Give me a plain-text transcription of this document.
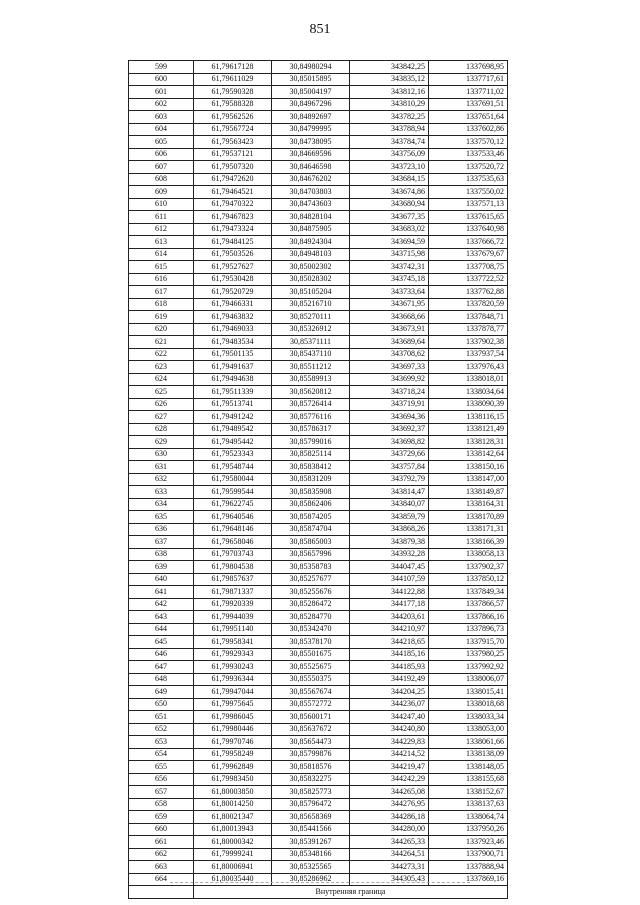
851
599	61,79617128	30,84980294	343842,25	1337698,95
600	61,79611029	30,85015895	343835,12	1337717,61
601	61,79590328	30,85004197	343812,16	1337711,02
602	61,79588328	30,84967296	343810,29	1337691,51
603	61,79562526	30,84892697	343782,25	1337651,64
604	61,79567724	30,84799995	343788,94	1337602,86
605	61,79563423	30,84738095	343784,74	1337570,12
606	61,79537121	30,84669596	343756,09	1337533,46
607	61,79507320	30,84646598	343723,10	1337520,72
608	61,79472620	30,84676202	343684,15	1337535,63
609	61,79464521	30,84703803	343674,86	1337550,02
610	61,79470322	30,84743603	343680,94	1337571,13
611	61,79467823	30,84828104	343677,35	1337615,65
612	61,79473324	30,84875905	343683,02	1337640,98
613	61,79484125	30,84924304	343694,59	1337666,72
614	61,79503526	30,84948103	343715,98	1337679,67
615	61,79527627	30,85002302	343742,31	1337708,75
616	61,79530428	30,85028302	343745,18	1337722,52
617	61,79520729	30,85105204	343733,64	1337762,88
618	61,79466331	30,85216710	343671,95	1337820,59
619	61,79463832	30,85270111	343668,66	1337848,71
620	61,79469033	30,85326912	343673,91	1337878,77
621	61,79483534	30,85371111	343689,64	1337902,38
622	61,79501135	30,85437110	343708,62	1337937,54
623	61,79491637	30,85511212	343697,33	1337976,43
624	61,79494638	30,85589913	343699,92	1338018,01
625	61,79511339	30,85620812	343718,24	1338034,64
626	61,79513741	30,85726414	343719,91	1338090,39
627	61,79491242	30,85776116	343694,36	1338116,15
628	61,79489542	30,85786317	343692,37	1338121,49
629	61,79495442	30,85799016	343698,82	1338128,31
630	61,79523343	30,85825114	343729,66	1338142,64
631	61,79548744	30,85838412	343757,84	1338150,16
632	61,79580044	30,85831209	343792,79	1338147,00
633	61,79599544	30,85835908	343814,47	1338149,87
634	61,79622745	30,85862406	343840,07	1338164,31
635	61,79640546	30,85874205	343859,79	1338170,89
636	61,79648146	30,85874704	343868,26	1338171,31
637	61,79658046	30,85865003	343879,38	1338166,39
638	61,79703743	30,85657996	343932,28	1338058,13
639	61,79804538	30,85358783	344047,45	1337902,37
640	61,79857637	30,85257677	344107,59	1337850,12
641	61,79871337	30,85255676	344122,88	1337849,34
642	61,79920339	30,85286472	344177,18	1337866,57
643	61,79944039	30,85284770	344203,61	1337866,16
644	61,79951140	30,85342470	344210,97	1337896,73
645	61,79958341	30,85378170	344218,65	1337915,70
646	61,79929343	30,85501675	344185,16	1337980,25
647	61,79930243	30,85525675	344185,93	1337992,92
648	61,79936344	30,85550375	344192,49	1338006,07
649	61,79947044	30,85567674	344204,25	1338015,41
650	61,79975645	30,85572772	344236,07	1338018,68
651	61,79986045	30,85600171	344247,40	1338033,34
652	61,79980446	30,85637672	344240,80	1338053,00
653	61,79970746	30,85654473	344229,83	1338061,66
654	61,79958249	30,85799876	344214,52	1338138,09
655	61,79962849	30,85818576	344219,47	1338148,05
656	61,79983450	30,85832275	344242,29	1338155,68
657	61,80003850	30,85825773	344265,08	1338152,67
658	61,80014250	30,85796472	344276,95	1338137,63
659	61,80021347	30,85658369	344286,18	1338064,74
660	61,80013943	30,85441566	344280,00	1337950,26
661	61,80000342	30,85391267	344265,33	1337923,46
662	61,79999241	30,85348166	344264,51	1337900,71
663	61,80006941	30,85325565	344273,31	1337888,94
664	61,80035440	30,85286962	344305,43	1337869,16
	Внутренняя граница			
